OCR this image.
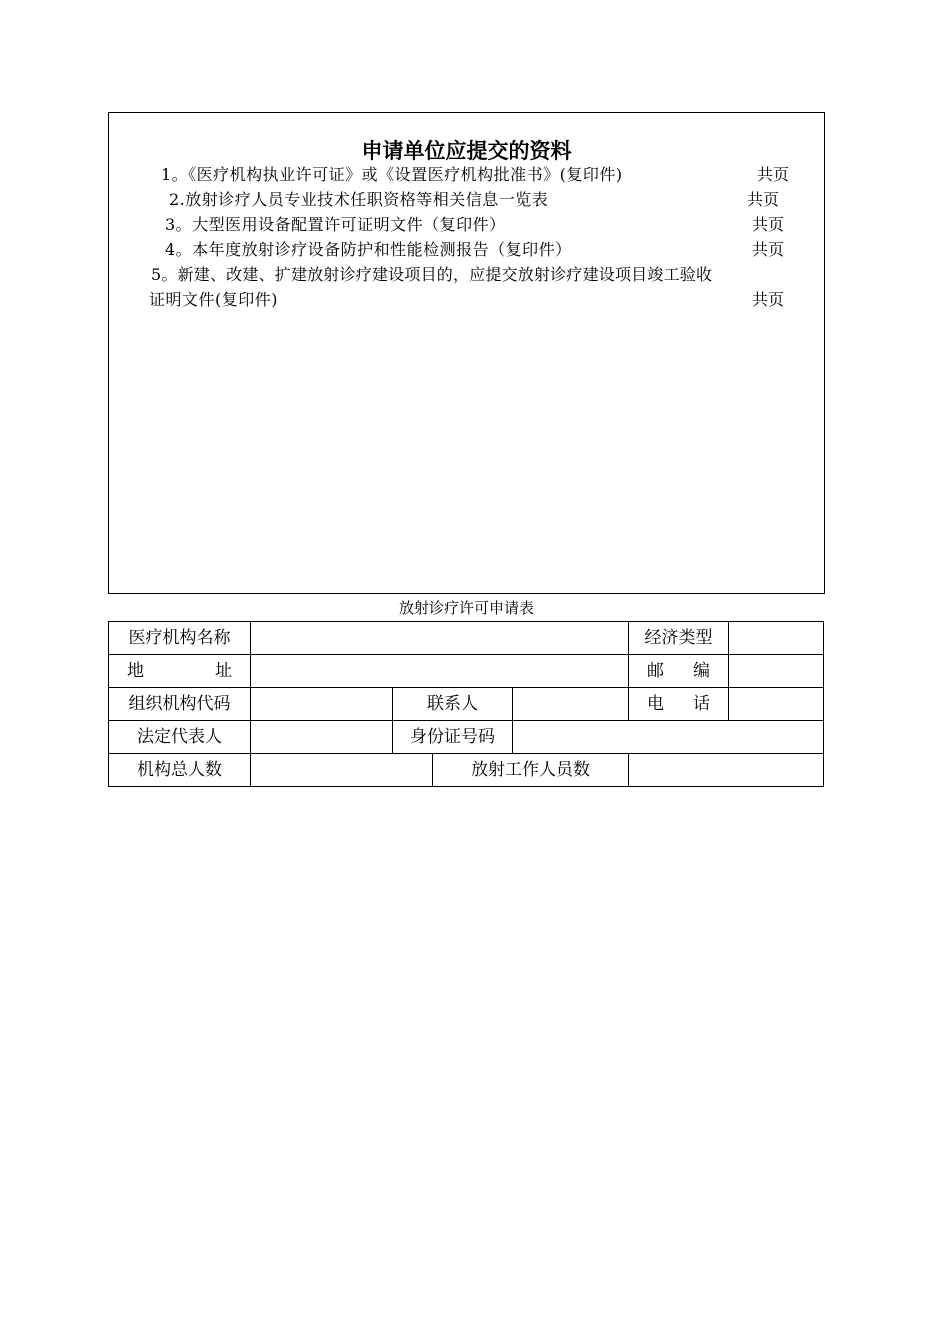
申请单位应提交的资料
1。《医疗机构执业许可证》或《设置医疗机构批准书》(复印件)	共页
2.放射诊疗人员专业技术任职资格等相关信息一览表	共页
3。大型医用设备配置许可证明文件（复印件）	共页
4。本年度放射诊疗设备防护和性能检测报告（复印件）	共页
5。新建、改建、扩建放射诊疗建设项目的，应提交放射诊疗建设项目竣工验收
证明文件(复印件)	共页
放射诊疗许可申请表
医疗机构名称					经济类型	

地 址					邮 编	

组织机构代码		联系人			电 话	

法定代表人		身份证号码				
机构总人数			放射工作人员数			
